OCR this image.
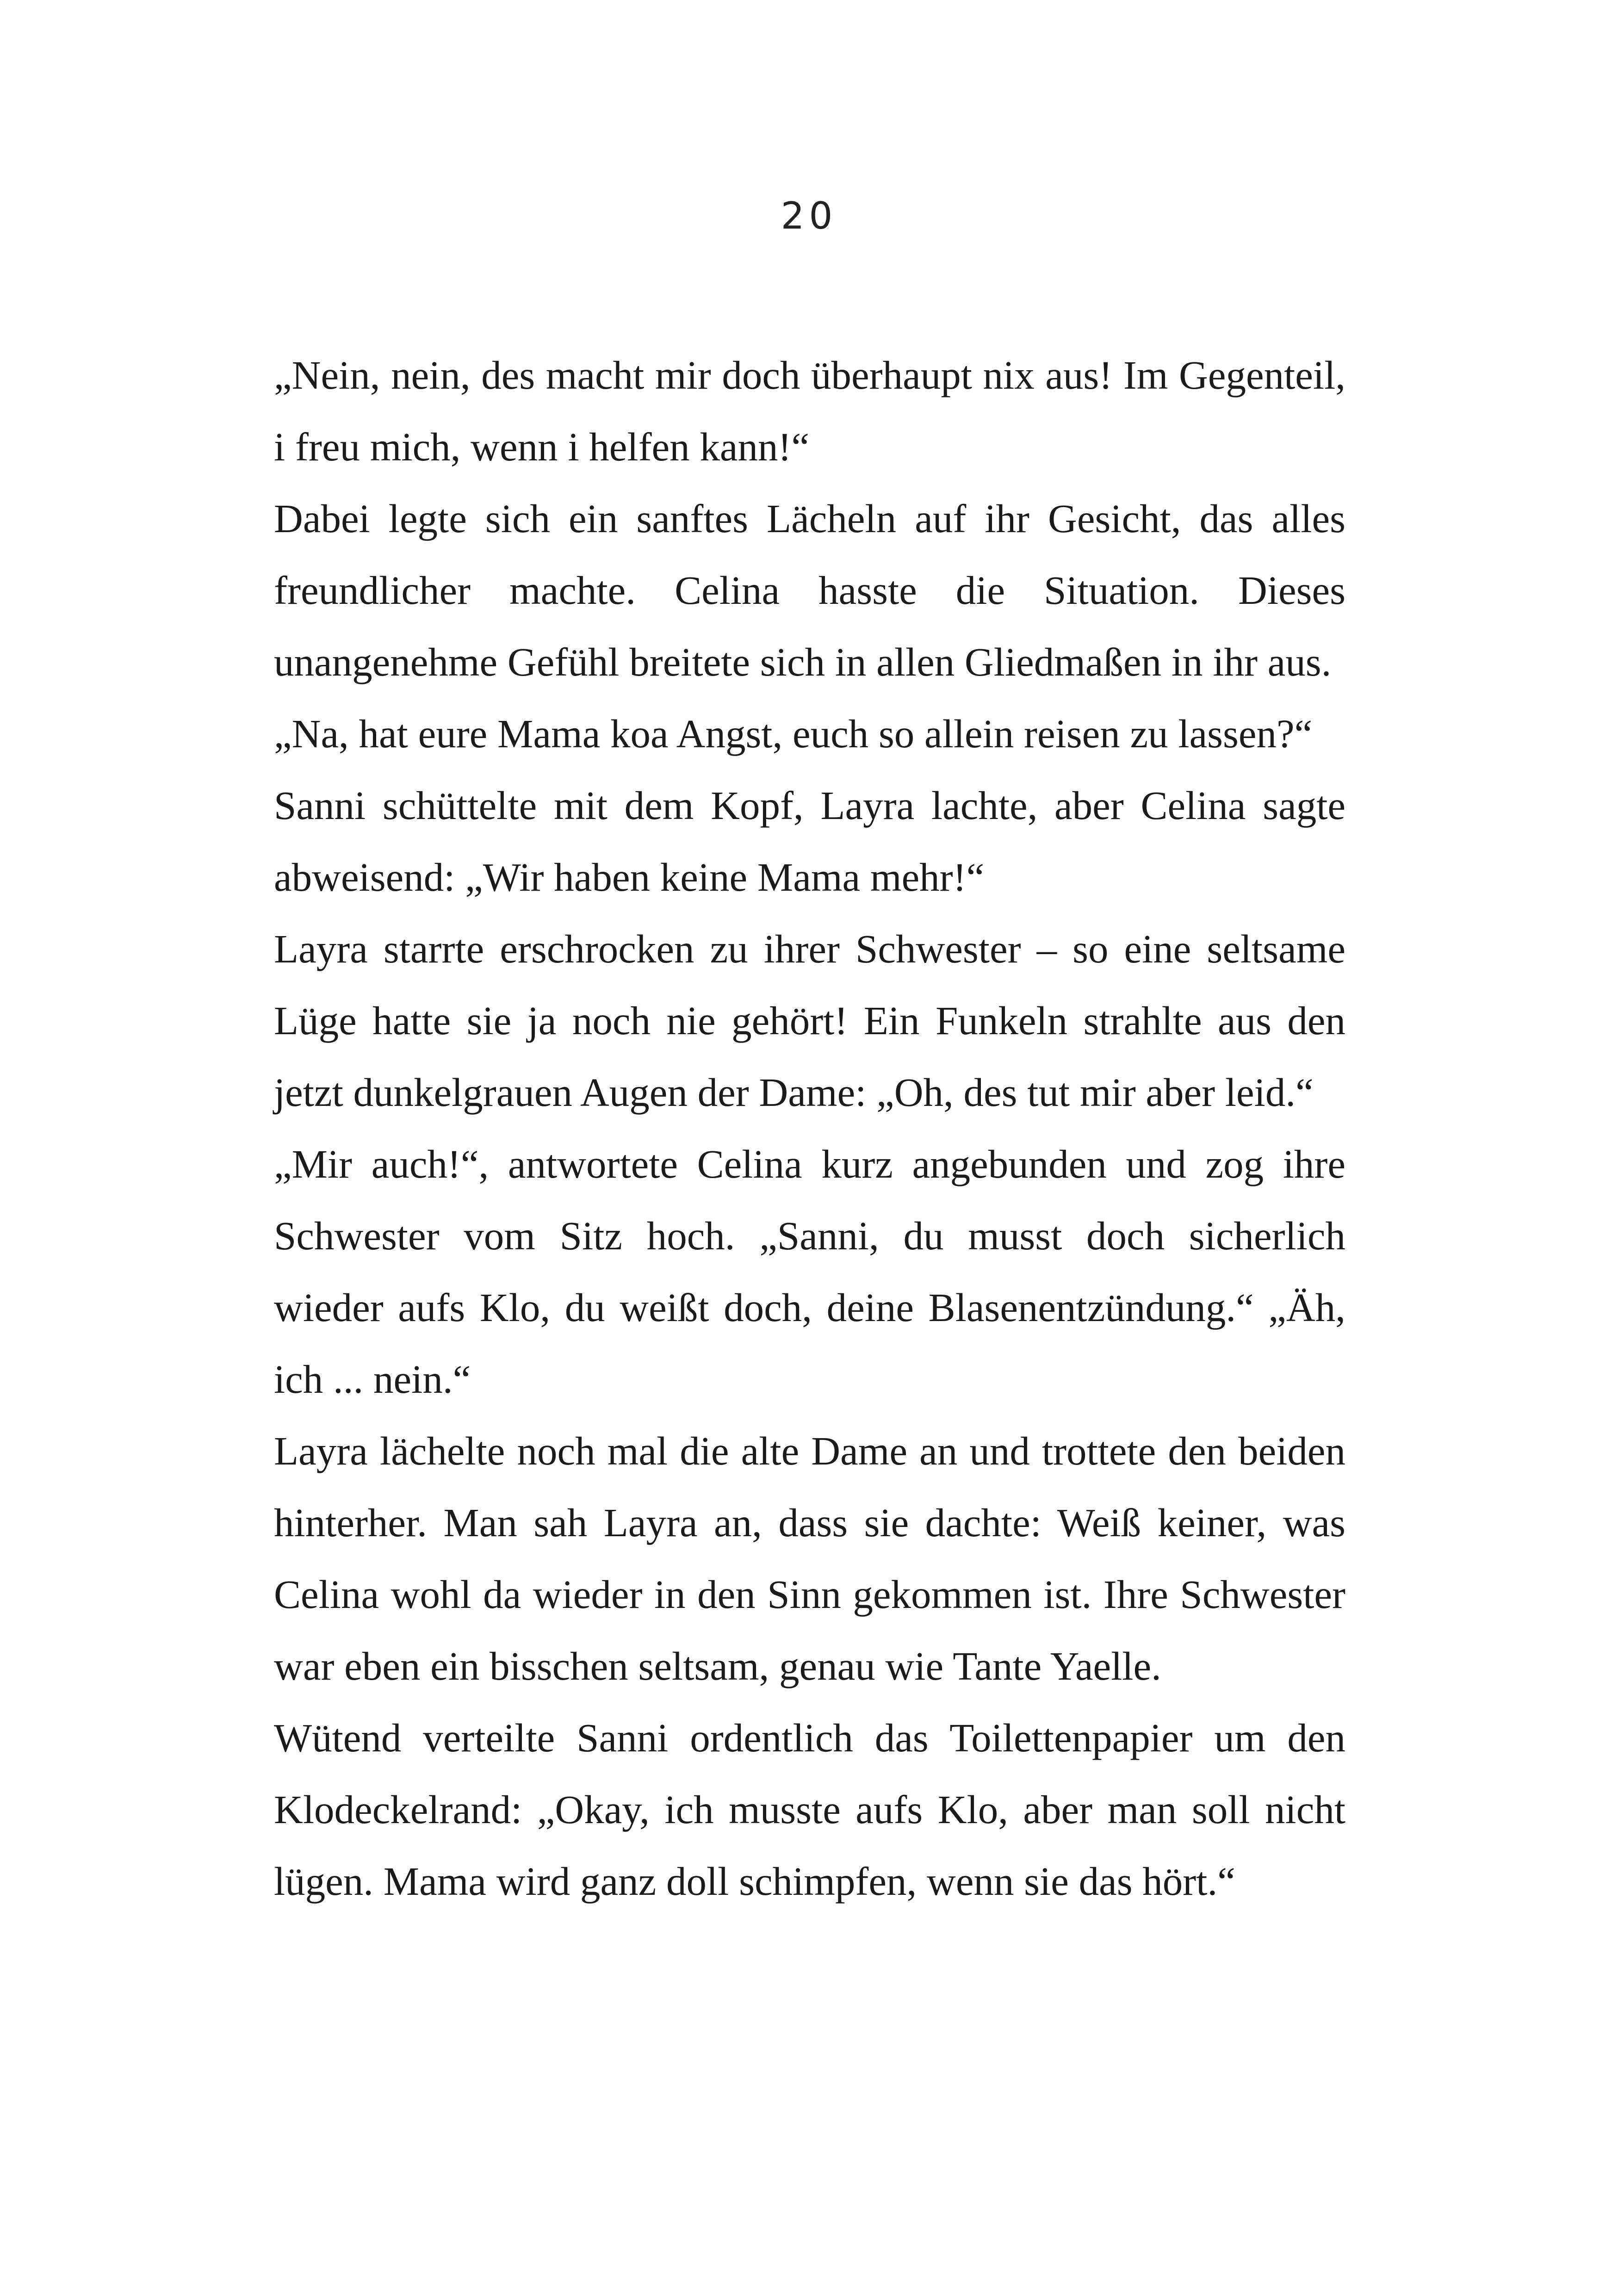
20

„Nein, nein, des macht mir doch überhaupt nix aus! Im Gegenteil, i freu mich, wenn i helfen kann!“

Dabei legte sich ein sanftes Lächeln auf ihr Gesicht, das alles freundlicher machte. Celina hasste die Situation. Dieses unangenehme Gefühl breitete sich in allen Gliedmaßen in ihr aus.

„Na, hat eure Mama koa Angst, euch so allein reisen zu lassen?“

Sanni schüttelte mit dem Kopf, Layra lachte, aber Celina sagte abweisend: „Wir haben keine Mama mehr!“

Layra starrte erschrocken zu ihrer Schwester – so eine seltsame Lüge hatte sie ja noch nie gehört! Ein Funkeln strahlte aus den jetzt dunkelgrauen Augen der Dame: „Oh, des tut mir aber leid.“

„Mir auch!“, antwortete Celina kurz angebunden und zog ihre Schwester vom Sitz hoch. „Sanni, du musst doch sicherlich wieder aufs Klo, du weißt doch, deine Blasenentzündung.“ „Äh, ich ... nein.“

Layra lächelte noch mal die alte Dame an und trottete den beiden hinterher. Man sah Layra an, dass sie dachte: Weiß keiner, was Celina wohl da wieder in den Sinn gekommen ist. Ihre Schwester war eben ein bisschen seltsam, genau wie Tante Yaelle.

Wütend verteilte Sanni ordentlich das Toilettenpapier um den Klodeckelrand: „Okay, ich musste aufs Klo, aber man soll nicht lügen. Mama wird ganz doll schimpfen, wenn sie das hört.“
